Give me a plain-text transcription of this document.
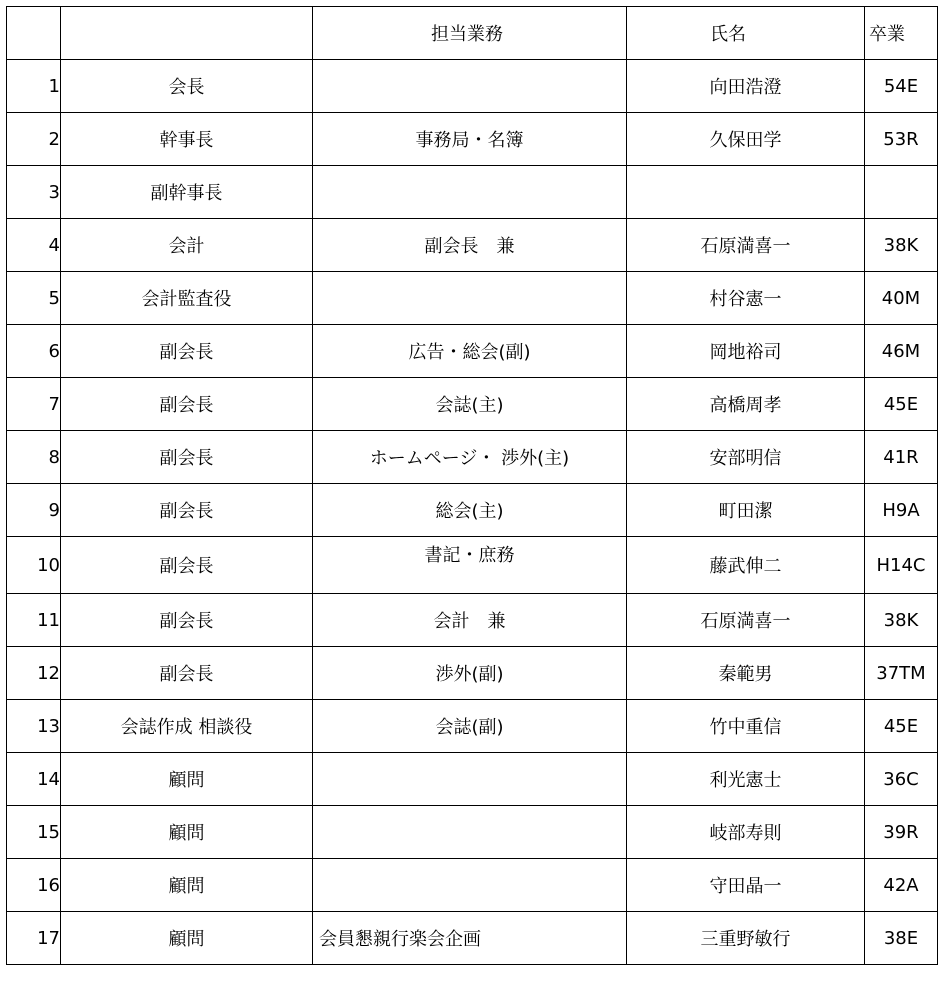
		担当業務	氏名	卒業
1	会長		向田浩澄	54E
2	幹事長	事務局・名簿	久保田学	53R
3	副幹事長			
4	会計	副会長　兼	石原満喜一	38K
5	会計監査役		村谷憲一	40M
6	副会長	広告・総会(副)	岡地裕司	46M
7	副会長	会誌(主)	高橋周孝	45E
8	副会長	ホームページ・ 渉外(主)	安部明信	41R
9	副会長	総会(主)	町田潔	H9A
10	副会長	書記・庶務	藤武伸二	H14C
11	副会長	会計　兼	石原満喜一	38K
12	副会長	渉外(副)	秦範男	37TM
13	会誌作成 相談役	会誌(副)	竹中重信	45E
14	顧問		利光憲士	36C
15	顧問		岐部寿則	39R
16	顧問		守田晶一	42A
17	顧問	会員懇親行楽会企画	三重野敏行	38E
